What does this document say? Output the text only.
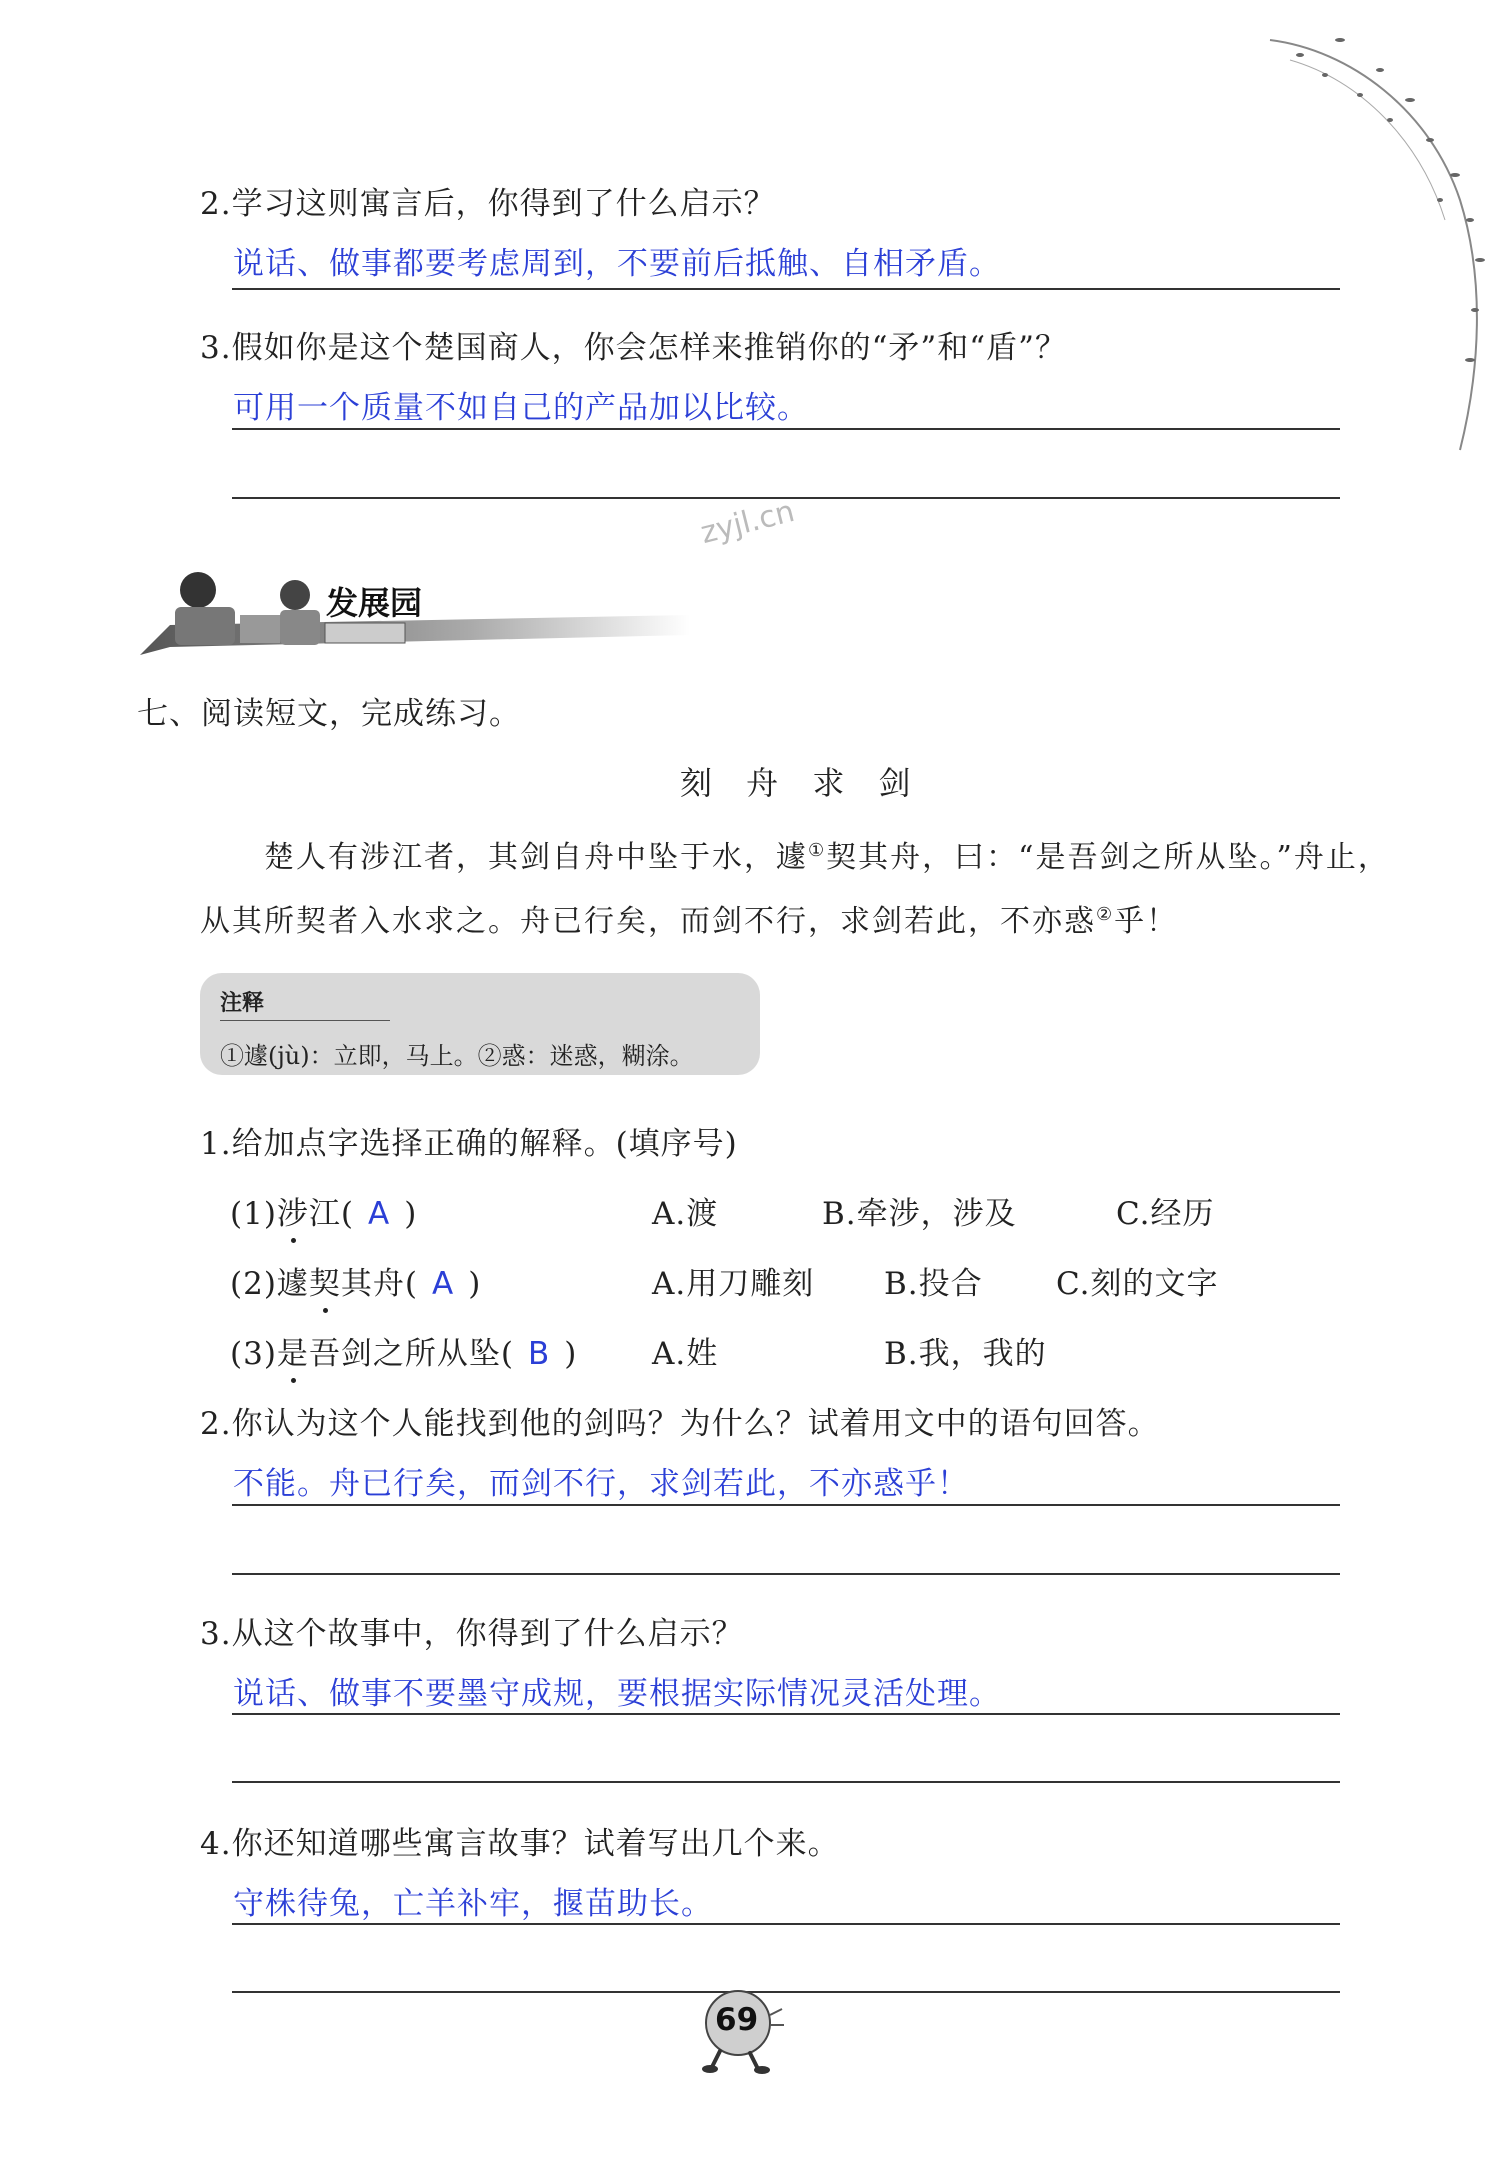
2.学习这则寓言后，你得到了什么启示？
说话、做事都要考虑周到，不要前后抵触、自相矛盾。
3.假如你是这个楚国商人，你会怎样来推销你的“矛”和“盾”？
可用一个质量不如自己的产品加以比较。
zyjl.cn
发展园
七、阅读短文，完成练习。
刻 舟 求 剑
楚人有涉江者，其剑自舟中坠于水，遽①契其舟，曰：“是吾剑之所从坠。”舟止，
从其所契者入水求之。舟已行矣，而剑不行，求剑若此，不亦惑②乎！
注释
①遽(jù)：立即，马上。②惑：迷惑，糊涂。
1.给加点字选择正确的解释。(填序号)
(1)涉江( A )	A.渡	B.牵涉，涉及	C.经历
(2)遽契其舟( A )	A.用刀雕刻 B.投合 C.刻的文字
(3)是吾剑之所从坠( B ) A.姓	B.我，我的
2.你认为这个人能找到他的剑吗？为什么？试着用文中的语句回答。
不能。舟已行矣，而剑不行，求剑若此，不亦惑乎！
3.从这个故事中，你得到了什么启示？
说话、做事不要墨守成规，要根据实际情况灵活处理。
4.你还知道哪些寓言故事？试着写出几个来。
守株待兔，亡羊补牢，揠苗助长。
69
